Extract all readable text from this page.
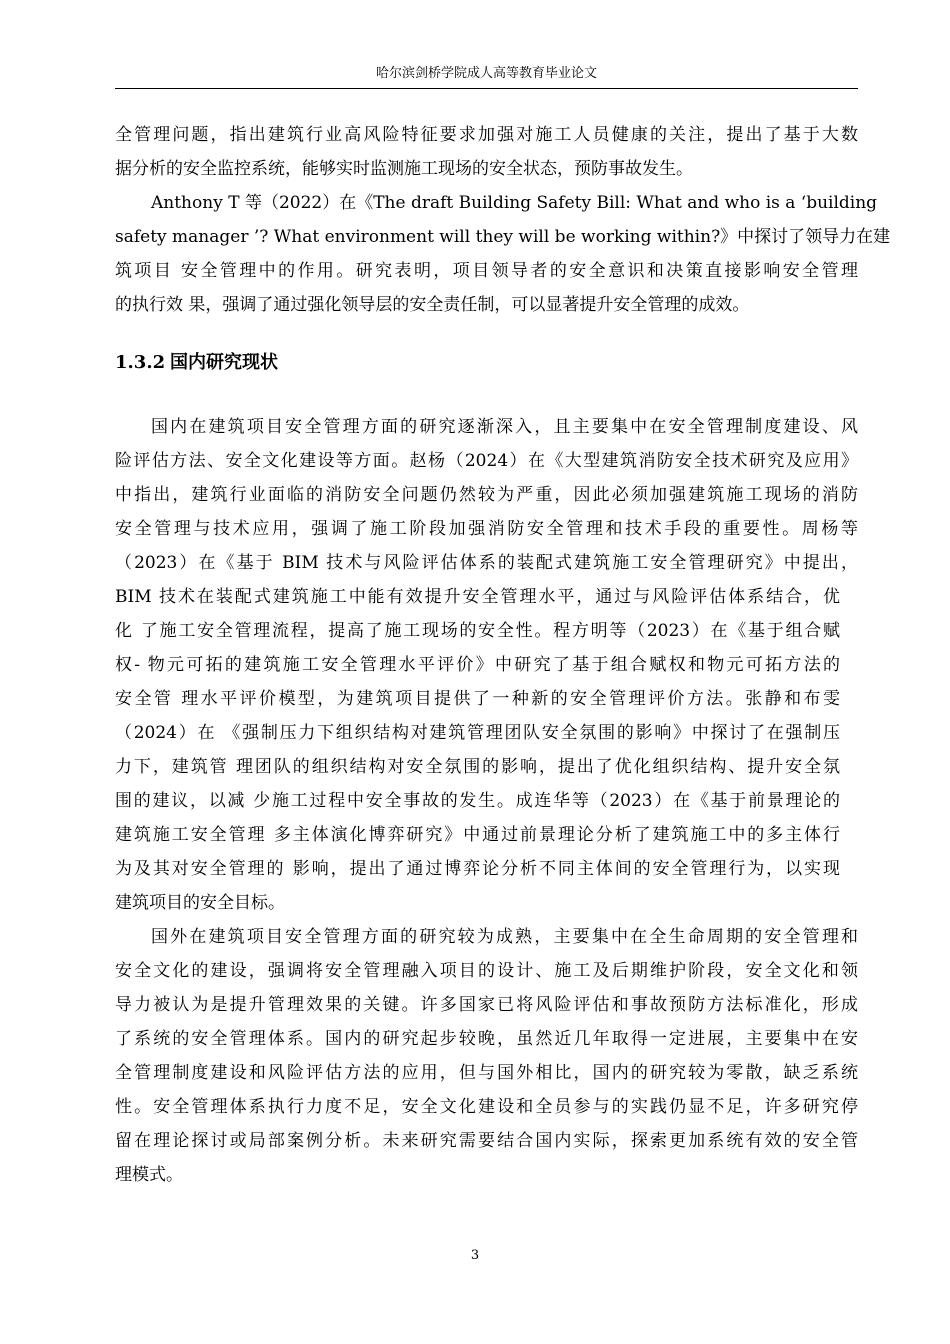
哈尔滨剑桥学院成人高等教育毕业论文
全管理问题，指出建筑行业高风险特征要求加强对施工人员健康的关注，提出了基于大数
据分析的安全监控系统，能够实时监测施工现场的安全状态，预防事故发生。
Anthony T 等（2022）在《The draft Building Safety Bill: What and who is a ‘building
safety manager ’? What environment will they will be working within?》中探讨了领导力在建
筑项目 安全管理中的作用。研究表明，项目领导者的安全意识和决策直接影响安全管理
的执行效 果，强调了通过强化领导层的安全责任制，可以显著提升安全管理的成效。
1.3.2 国内研究现状
国内在建筑项目安全管理方面的研究逐渐深入，且主要集中在安全管理制度建设、风
险评估方法、安全文化建设等方面。赵杨（2024）在《大型建筑消防安全技术研究及应用》
中指出，建筑行业面临的消防安全问题仍然较为严重，因此必须加强建筑施工现场的消防
安全管理与技术应用，强调了施工阶段加强消防安全管理和技术手段的重要性。周杨等
（2023）在《基于 BIM 技术与风险评估体系的装配式建筑施工安全管理研究》中提出，
BIM 技术在装配式建筑施工中能有效提升安全管理水平，通过与风险评估体系结合，优
化 了施工安全管理流程，提高了施工现场的安全性。程方明等（2023）在《基于组合赋
权- 物元可拓的建筑施工安全管理水平评价》中研究了基于组合赋权和物元可拓方法的
安全管 理水平评价模型，为建筑项目提供了一种新的安全管理评价方法。张静和布雯
（2024）在 《强制压力下组织结构对建筑管理团队安全氛围的影响》中探讨了在强制压
力下，建筑管 理团队的组织结构对安全氛围的影响，提出了优化组织结构、提升安全氛
围的建议，以减 少施工过程中安全事故的发生。成连华等（2023）在《基于前景理论的
建筑施工安全管理 多主体演化博弈研究》中通过前景理论分析了建筑施工中的多主体行
为及其对安全管理的 影响，提出了通过博弈论分析不同主体间的安全管理行为，以实现
建筑项目的安全目标。
国外在建筑项目安全管理方面的研究较为成熟，主要集中在全生命周期的安全管理和
安全文化的建设，强调将安全管理融入项目的设计、施工及后期维护阶段，安全文化和领
导力被认为是提升管理效果的关键。许多国家已将风险评估和事故预防方法标准化，形成
了系统的安全管理体系。国内的研究起步较晚，虽然近几年取得一定进展，主要集中在安
全管理制度建设和风险评估方法的应用，但与国外相比，国内的研究较为零散，缺乏系统
性。安全管理体系执行力度不足，安全文化建设和全员参与的实践仍显不足，许多研究停
留在理论探讨或局部案例分析。未来研究需要结合国内实际，探索更加系统有效的安全管
理模式。
3
